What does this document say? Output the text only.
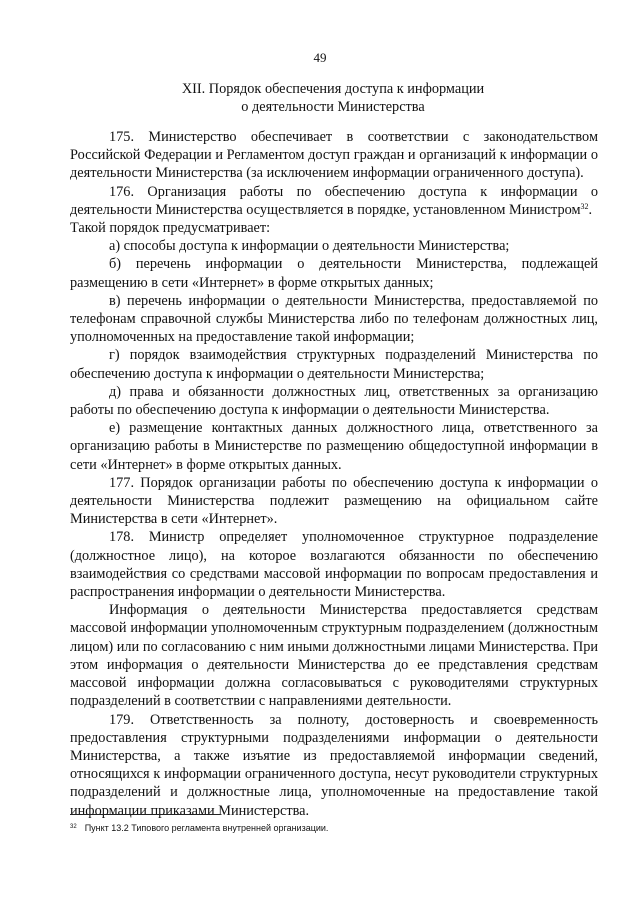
49
XII. Порядок обеспечения доступа к информации
о деятельности Министерства

175. Министерство обеспечивает в соответствии с законодательством Российской Федерации и Регламентом доступ граждан и организаций к информации о деятельности Министерства (за исключением информации ограниченного доступа).

176. Организация работы по обеспечению доступа к информации о деятельности Министерства осуществляется в порядке, установленном Министром$^{32}$.

Такой порядок предусматривает:

а) способы доступа к информации о деятельности Министерства;

б) перечень информации о деятельности Министерства, подлежащей размещению в сети «Интернет» в форме открытых данных;

в) перечень информации о деятельности Министерства, предоставляемой по телефонам справочной службы Министерства либо по телефонам должностных лиц, уполномоченных на предоставление такой информации;

г) порядок взаимодействия структурных подразделений Министерства по обеспечению доступа к информации о деятельности Министерства;

д) права и обязанности должностных лиц, ответственных за организацию работы по обеспечению доступа к информации о деятельности Министерства.

е) размещение контактных данных должностного лица, ответственного за организацию работы в Министерстве по размещению общедоступной информации в сети «Интернет» в форме открытых данных.

177. Порядок организации работы по обеспечению доступа к информации о деятельности Министерства подлежит размещению на официальном сайте Министерства в сети «Интернет».

178. Министр определяет уполномоченное структурное подразделение (должностное лицо), на которое возлагаются обязанности по обеспечению взаимодействия со средствами массовой информации по вопросам предоставления и распространения информации о деятельности Министерства.

Информация о деятельности Министерства предоставляется средствам массовой информации уполномоченным структурным подразделением (должностным лицом) или по согласованию с ним иными должностными лицами Министерства. При этом информация о деятельности Министерства до ее представления средствам массовой информации должна согласовываться с руководителями структурных подразделений в соответствии с направлениями деятельности.

179. Ответственность за полноту, достоверность и своевременность предоставления структурными подразделениями информации о деятельности Министерства, а также изъятие из предоставляемой информации сведений, относящихся к информации ограниченного доступа, несут руководители структурных подразделений и должностные лица, уполномоченные на предоставление такой информации приказами Министерства.

$^{32}$ Пункт 13.2 Типового регламента внутренней организации.
